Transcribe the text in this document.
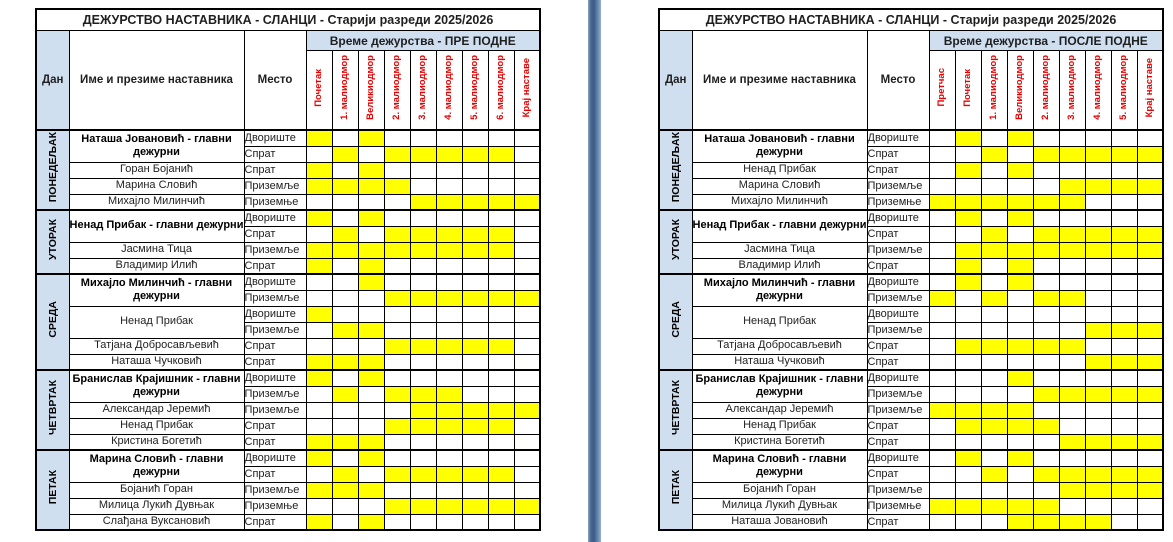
ДЕЖУРСТВО НАСТАВНИКА - СЛАНЦИ - Старији разреди 2025/2026											
Дан	Име и презиме наставника	Место	Време дежурства - ПРЕ ПОДНЕ								
			Почетак	1. малиодмор	Великиодмор	2. малиодмор	3. малиодмор	4. малиодмор	5. малиодмор	6. малиодмор	Крај наставе
ПОНЕДЕЉАК	Наташа Јовановић - главни дежурни	Двориште									
		Спрат									
	Горан Бојанић	Спрат									
	Марина Словић	Приземље									
	Михајло Милинчић	Приземње									
УТОРАК	Ненад Прибак - главни дежурни	Двориште									
		Спрат									
	Јасмина Тица	Приземље									
	Владимир Илић	Спрат									
СРЕДА	Михајло Милинчић - главни дежурни	Двориште									
		Приземље									
	Ненад Прибак	Двориште									
		Приземље									
	Татјана Добросављевић	Спрат									
	Наташа Чучковић	Спрат									
ЧЕТВРТАК	Бранислав Крајишник - главни дежурни	Двориште									
		Приземље									
	Александар Јеремић	Приземље									
	Ненад Прибак	Спрат									
	Кристина Богетић	Спрат									
ПЕТАК	Марина Словић - главни дежурни	Двориште									
		Спрат									
	Бојанић Горан	Приземље									
	Милица Лукић Дувњак	Приземње									
	Слађана Вуксановић	Спрат									
ДЕЖУРСТВО НАСТАВНИКА - СЛАНЦИ - Старији разреди 2025/2026											
Дан	Име и презиме наставника	Место	Време дежурства - ПОСЛЕ ПОДНЕ								
			Претчас	Почетак	1. малиодмор	Великиодмор	2. малиодмор	3. малиодмор	4. малиодмор	5. малиодмор	Крај наставе
ПОНЕДЕЉАК	Наташа Јовановић - главни дежурни	Двориште									
		Спрат									
	Ненад Прибак	Спрат									
	Марина Словић	Приземље									
	Михајло Милинчић	Приземње									
УТОРАК	Ненад Прибак - главни дежурни	Двориште									
		Спрат									
	Јасмина Тица	Приземље									
	Владимир Илић	Спрат									
СРЕДА	Михајло Милинчић - главни дежурни	Двориште									
		Приземље									
	Ненад Прибак	Двориште									
		Приземље									
	Татјана Добросављевић	Спрат									
	Наташа Чучковић	Спрат									
ЧЕТВРТАК	Бранислав Крајишник - главни дежурни	Двориште									
		Приземље									
	Александар Јеремић	Приземље									
	Ненад Прибак	Спрат									
	Кристина Богетић	Спрат									
ПЕТАК	Марина Словић - главни дежурни	Двориште									
		Спрат									
	Бојанић Горан	Приземље									
	Милица Лукић Дувњак	Приземње									
	Наташа Јовановић	Спрат									
